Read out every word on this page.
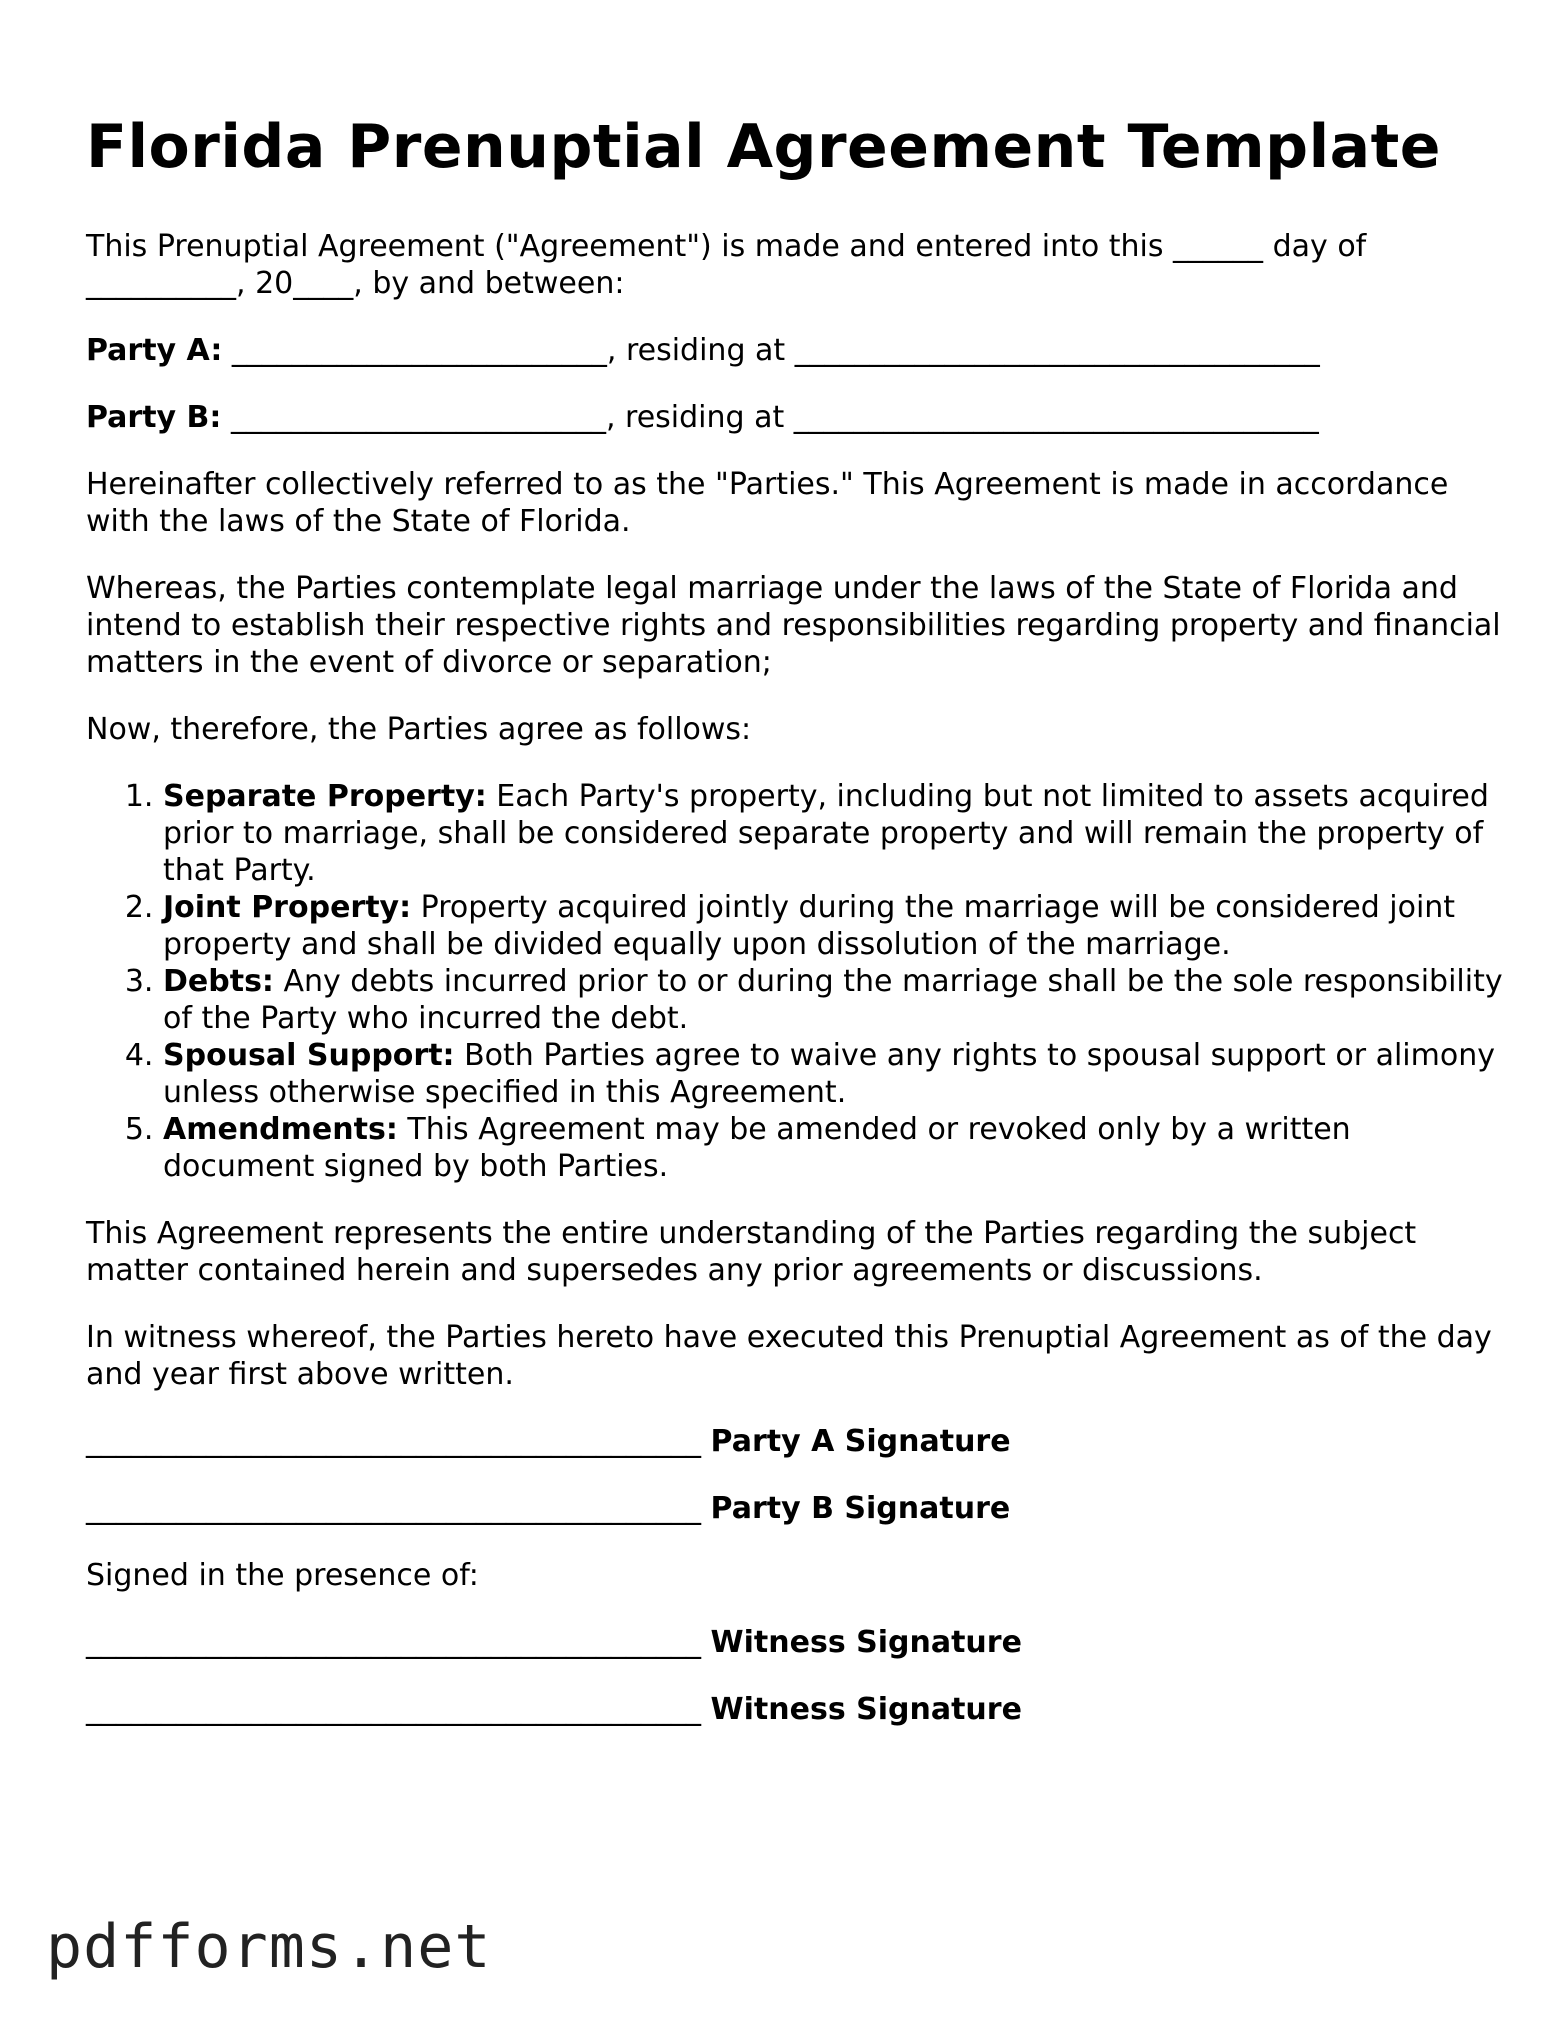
Florida Prenuptial Agreement Template

This Prenuptial Agreement ("Agreement") is made and entered into this ______ day of
__________, 20____, by and between:

Party A: _________________________, residing at ___________________________________

Party B: _________________________, residing at ___________________________________

Hereinafter collectively referred to as the "Parties." This Agreement is made in accordance with the laws of the State of Florida.

Whereas, the Parties contemplate legal marriage under the laws of the State of Florida and intend to establish their respective rights and responsibilities regarding property and financial matters in the event of divorce or separation;

Now, therefore, the Parties agree as follows:

1. Separate Property: Each Party's property, including but not limited to assets acquired prior to marriage, shall be considered separate property and will remain the property of that Party.
2. Joint Property: Property acquired jointly during the marriage will be considered joint property and shall be divided equally upon dissolution of the marriage.
3. Debts: Any debts incurred prior to or during the marriage shall be the sole responsibility of the Party who incurred the debt.
4. Spousal Support: Both Parties agree to waive any rights to spousal support or alimony unless otherwise specified in this Agreement.
5. Amendments: This Agreement may be amended or revoked only by a written document signed by both Parties.

This Agreement represents the entire understanding of the Parties regarding the subject matter contained herein and supersedes any prior agreements or discussions.

In witness whereof, the Parties hereto have executed this Prenuptial Agreement as of the day and year first above written.

_________________________________________ Party A Signature
_________________________________________ Party B Signature

Signed in the presence of:

_________________________________________ Witness Signature
_________________________________________ Witness Signature
pdfforms.net
